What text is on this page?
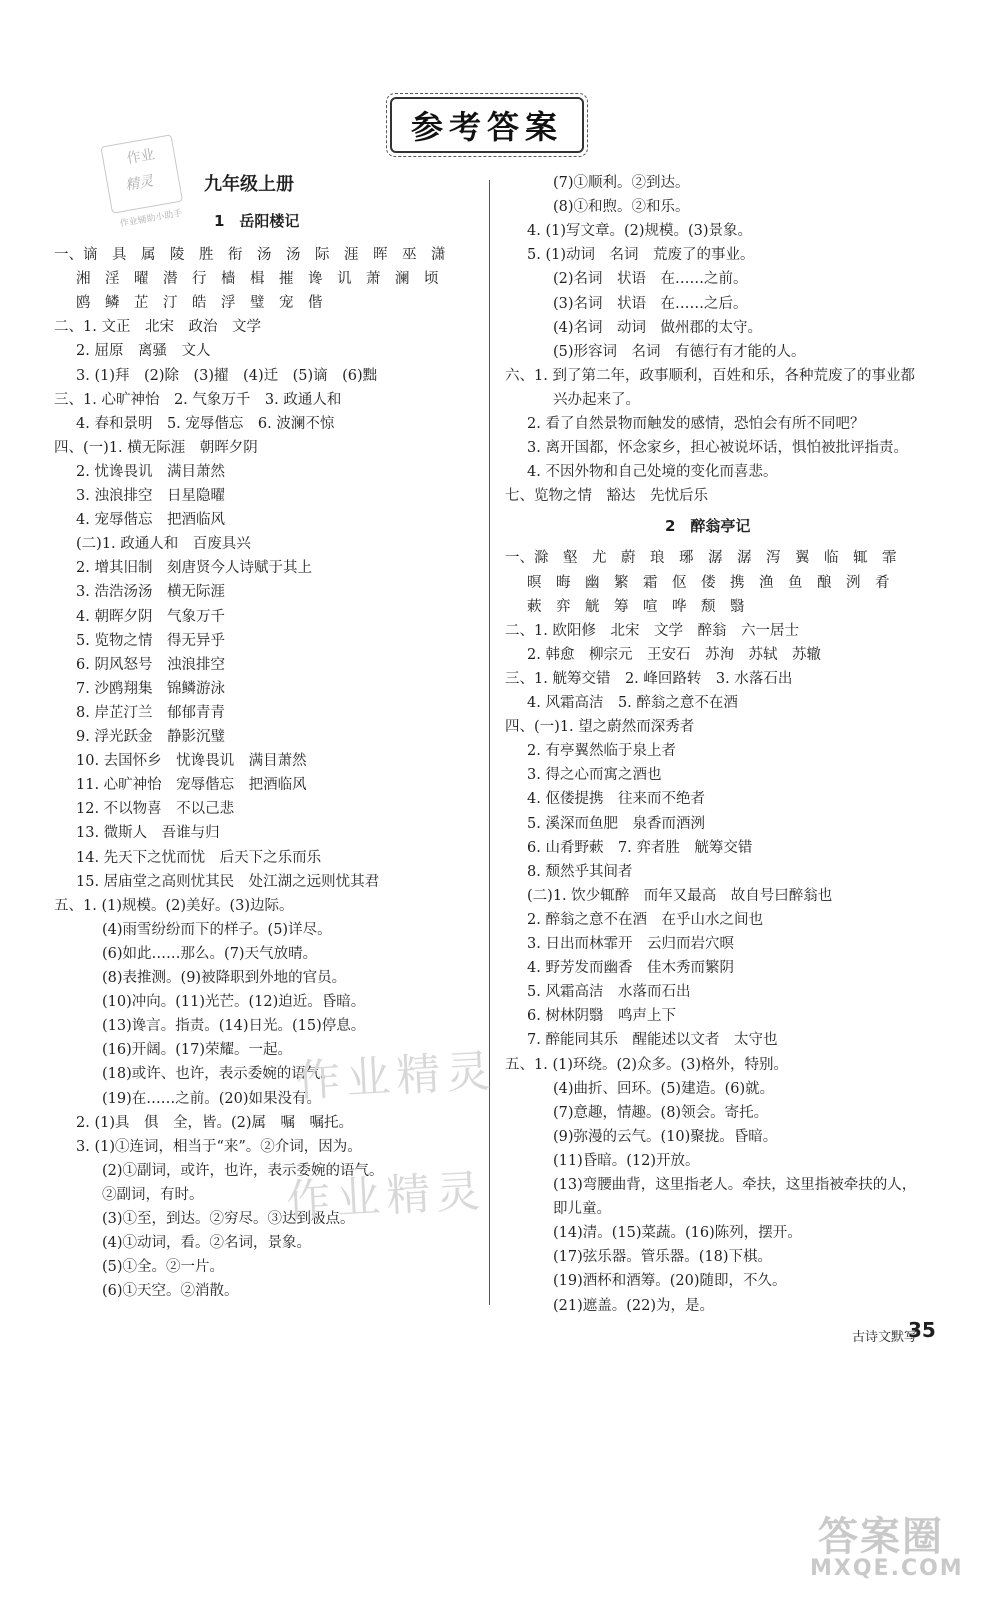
参考答案
作业
精灵
作业辅助小助手
九年级上册
1　岳阳楼记
一、谪　具　属　陵　胜　衔　汤　汤　际　涯　晖　巫　潇
湘　淫　曜　潜　行　樯　楫　摧　谗　讥　萧　澜　顷
鸥　鳞　芷　汀　皓　浮　璧　宠　偕
二、1. 文正　北宋　政治　文学
2. 屈原　离骚　文人
3. (1)拜　(2)除　(3)擢　(4)迁　(5)谪　(6)黜
三、1. 心旷神怡　2. 气象万千　3. 政通人和
4. 春和景明　5. 宠辱偕忘　6. 波澜不惊
四、(一)1. 横无际涯　朝晖夕阴
2. 忧谗畏讥　满目萧然
3. 浊浪排空　日星隐曜
4. 宠辱偕忘　把酒临风
(二)1. 政通人和　百废具兴
2. 增其旧制　刻唐贤今人诗赋于其上
3. 浩浩汤汤　横无际涯
4. 朝晖夕阴　气象万千
5. 览物之情　得无异乎
6. 阴风怒号　浊浪排空
7. 沙鸥翔集　锦鳞游泳
8. 岸芷汀兰　郁郁青青
9. 浮光跃金　静影沉璧
10. 去国怀乡　忧谗畏讥　满目萧然
11. 心旷神怡　宠辱偕忘　把酒临风
12. 不以物喜　不以己悲
13. 微斯人　吾谁与归
14. 先天下之忧而忧　后天下之乐而乐
15. 居庙堂之高则忧其民　处江湖之远则忧其君
五、1. (1)规模。(2)美好。(3)边际。
(4)雨雪纷纷而下的样子。(5)详尽。
(6)如此……那么。(7)天气放晴。
(8)表推测。(9)被降职到外地的官员。
(10)冲向。(11)光芒。(12)迫近。昏暗。
(13)谗言。指责。(14)日光。(15)停息。
(16)开阔。(17)荣耀。一起。
(18)或许、也许，表示委婉的语气。
(19)在……之前。(20)如果没有。
2. (1)具　俱　全，皆。(2)属　嘱　嘱托。
3. (1)①连词，相当于“来”。②介词，因为。
(2)①副词，或许，也许，表示委婉的语气。
②副词，有时。
(3)①至，到达。②穷尽。③达到极点。
(4)①动词，看。②名词，景象。
(5)①全。②一片。
(6)①天空。②消散。
(7)①顺利。②到达。
(8)①和煦。②和乐。
4. (1)写文章。(2)规模。(3)景象。
5. (1)动词　名词　荒废了的事业。
(2)名词　状语　在……之前。
(3)名词　状语　在……之后。
(4)名词　动词　做州郡的太守。
(5)形容词　名词　有德行有才能的人。
六、1. 到了第二年，政事顺利，百姓和乐，各种荒废了的事业都
兴办起来了。
2. 看了自然景物而触发的感情，恐怕会有所不同吧？
3. 离开国都，怀念家乡，担心被说坏话，惧怕被批评指责。
4. 不因外物和自己处境的变化而喜悲。
七、览物之情　豁达　先忧后乐
2　醉翁亭记
一、滁　壑　尤　蔚　琅　琊　潺　潺　泻　翼　临　辄　霏
暝　晦　幽　繁　霜　伛　偻　携　渔　鱼　酿　洌　肴
蔌　弈　觥　筹　喧　哗　颓　翳
二、1. 欧阳修　北宋　文学　醉翁　六一居士
2. 韩愈　柳宗元　王安石　苏洵　苏轼　苏辙
三、1. 觥筹交错　2. 峰回路转　3. 水落石出
4. 风霜高洁　5. 醉翁之意不在酒
四、(一)1. 望之蔚然而深秀者
2. 有亭翼然临于泉上者
3. 得之心而寓之酒也
4. 伛偻提携　往来而不绝者
5. 溪深而鱼肥　泉香而酒洌
6. 山肴野蔌　7. 弈者胜　觥筹交错
8. 颓然乎其间者
(二)1. 饮少辄醉　而年又最高　故自号曰醉翁也
2. 醉翁之意不在酒　在乎山水之间也
3. 日出而林霏开　云归而岩穴暝
4. 野芳发而幽香　佳木秀而繁阴
5. 风霜高洁　水落而石出
6. 树林阴翳　鸣声上下
7. 醉能同其乐　醒能述以文者　太守也
五、1. (1)环绕。(2)众多。(3)格外，特别。
(4)曲折、回环。(5)建造。(6)就。
(7)意趣，情趣。(8)领会。寄托。
(9)弥漫的云气。(10)聚拢。昏暗。
(11)昏暗。(12)开放。
(13)弯腰曲背，这里指老人。牵扶，这里指被牵扶的人，
即儿童。
(14)清。(15)菜蔬。(16)陈列，摆开。
(17)弦乐器。管乐器。(18)下棋。
(19)酒杯和酒筹。(20)随即，不久。
(21)遮盖。(22)为，是。
作业精灵
作业精灵
古诗文默写
35
答案圈
MXQE.COM
